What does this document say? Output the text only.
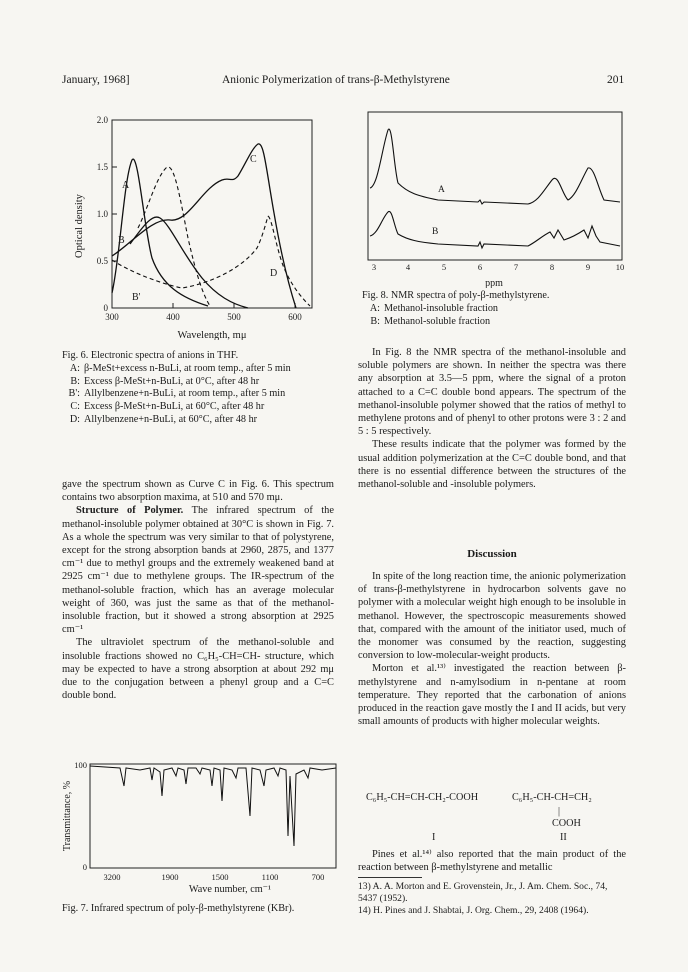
January, 1968]	Anionic Polymerization of trans-β-Methylstyrene	201
A
B
B'
C
D
2.0
1.5
1.0
0.5
0
300	400	500	600
Wavelength, mμ
Optical density
Fig. 6. Electronic spectra of anions in THF.
A: β-MeSt+excess n-BuLi, at room temp., after 5 min
B: Excess β-MeSt+n-BuLi, at 0°C, after 48 hr
B': Allylbenzene+n-BuLi, at room temp., after 5 min
C: Excess β-MeSt+n-BuLi, at 60°C, after 48 hr
D: Allylbenzene+n-BuLi, at 60°C, after 48 hr

gave the spectrum shown as Curve C in Fig. 6. This spectrum contains two absorption maxima, at 510 and 570 mμ.

Structure of Polymer. The infrared spectrum of the methanol-insoluble polymer obtained at 30°C is shown in Fig. 7. As a whole the spectrum was very similar to that of polystyrene, except for the strong absorption bands at 2960, 2875, and 1377 cm⁻¹ due to methyl groups and the extremely weakened band at 2925 cm⁻¹ due to methylene groups. The IR-spectrum of the methanol-soluble fraction, which has an average molecular weight of 360, was just the same as that of the methanol-insoluble fraction, but it showed a strong absorption at 2925 cm⁻¹

The ultraviolet spectrum of the methanol-soluble and insoluble fractions showed no C₆H₅-CH=CH- structure, which may be expected to have a strong absorption at about 292 mμ due to the conjugation between a phenyl group and a C=C double bond.

100
0
3200	1900	1500	1100	700
Transmittance, %
Wave number, cm⁻¹
Fig. 7. Infrared spectrum of poly-β-methylstyrene (KBr).
A
B
3	4	5	6	7	8	9	10
ppm
Fig. 8. NMR spectra of poly-β-methylstyrene.
A: Methanol-insoluble fraction
B: Methanol-soluble fraction

In Fig. 8 the NMR spectra of the methanol-insoluble and soluble polymers are shown. In neither the spectra was there any absorption at 3.5—5 ppm, where the signal of a proton attached to a C=C double bond appears. The spectrum of the methanol-insoluble polymer showed that the ratios of methyl to methylene protons and of phenyl to other protons were 3 : 2 and 5 : 5 respectively.

These results indicate that the polymer was formed by the usual addition polymerization at the C=C double bond, and that there is no essential difference between the structures of the methanol-soluble and -insoluble polymers.

Discussion

In spite of the long reaction time, the anionic polymerization of trans-β-methylstyrene in hydrocarbon solvents gave no polymer with a molecular weight high enough to be insoluble in methanol. However, the spectroscopic measurements showed that, compared with the amount of the initiator used, much of the monomer was consumed by the reaction, suggesting conversion to low-molecular-weight products.

Morton et al.¹³⁾ investigated the reaction between β-methylstyrene and n-amylsodium in n-pentane at room temperature. They reported that the carbonation of anions produced in the reaction gave mostly the I and II acids, but very small amounts of products with higher molecular weights.

C₆H₅-CH=CH-CH₂-COOH	C₆H₅-CH-CH=CH₂
|
COOH
I	II

Pines et al.¹⁴⁾ also reported that the main product of the reaction between β-methylstyrene and metallic

13) A. A. Morton and E. Grovenstein, Jr., J. Am. Chem. Soc., 74, 5437 (1952).
14) H. Pines and J. Shabtai, J. Org. Chem., 29, 2408 (1964).
